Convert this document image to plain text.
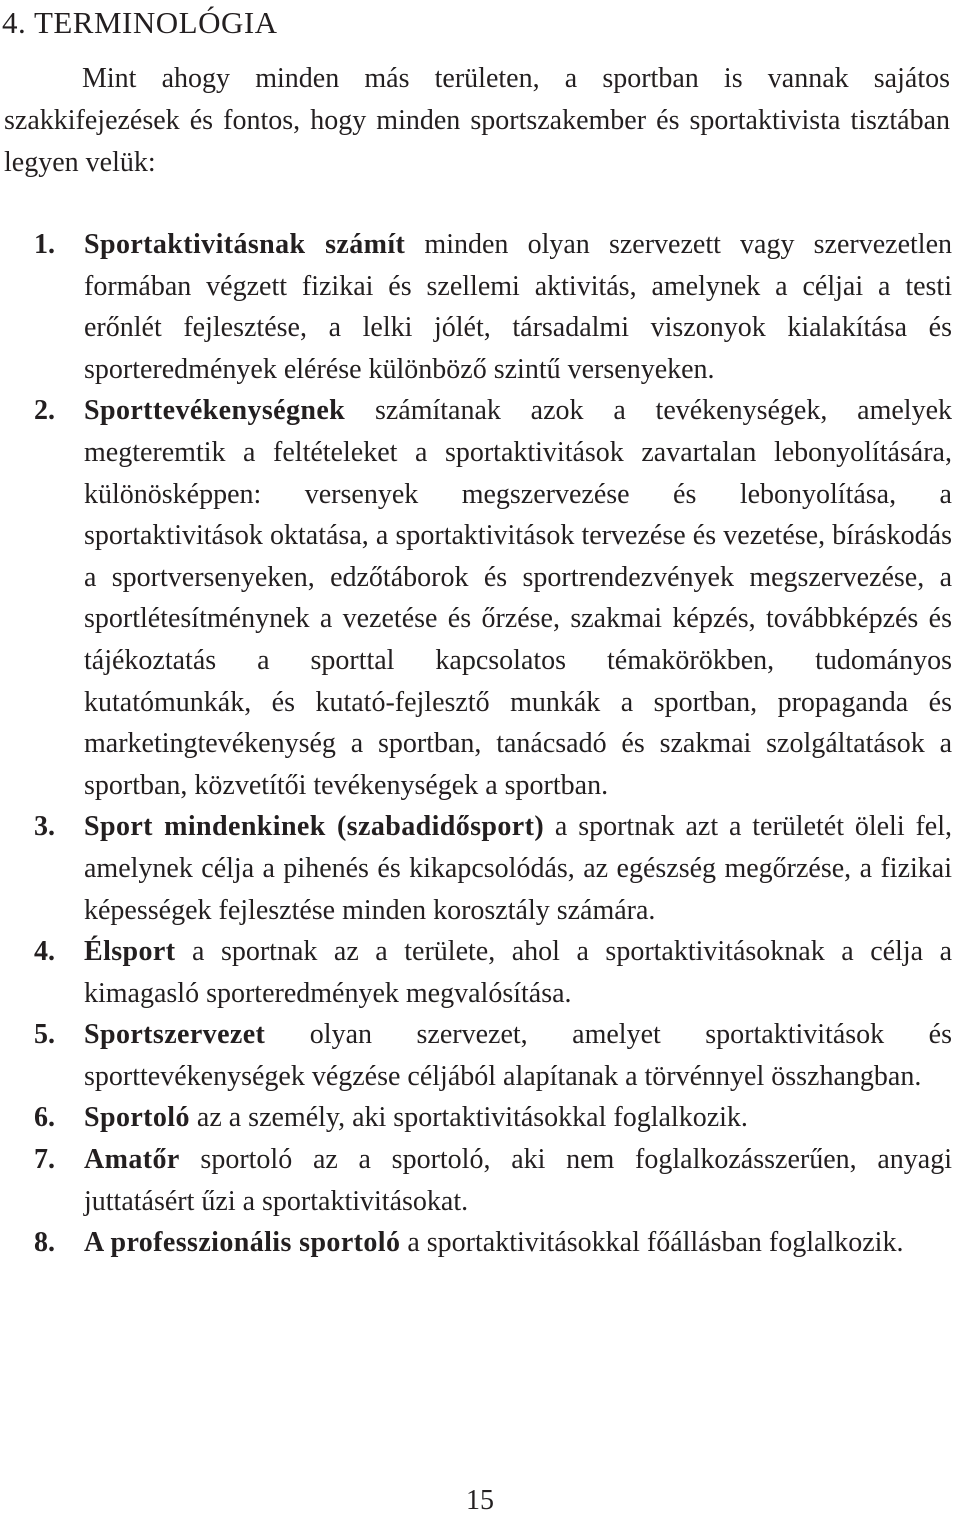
4. TERMINOLÓGIA

Mint ahogy minden más területen, a sportban is vannak sajátos szakkifejezések és fontos, hogy minden sportszakember és sportaktivista tisztában legyen velük:

1. Sportaktivitásnak számít minden olyan szervezett vagy szervezetlen formában végzett fizikai és szellemi aktivitás, amelynek a céljai a testi erőnlét fejlesztése, a lelki jólét, társadalmi viszonyok kialakítása és sporteredmények elérése különböző szintű versenyeken.
2. Sporttevékenységnek számítanak azok a tevékenységek, amelyek megteremtik a feltételeket a sportaktivitások zavartalan lebonyolítására, különösképpen: versenyek megszervezése és lebonyolítása, a sportaktivitások oktatása, a sportaktivitások tervezése és vezetése, bíráskodás a sportversenyeken, edzőtáborok és sportrendezvények megszervezése, a sportlétesítménynek a vezetése és őrzése, szakmai képzés, továbbképzés és tájékoztatás a sporttal kapcsolatos témakörökben, tudományos kutatómunkák, és kutató-fejlesztő munkák a sportban, propaganda és marketingtevékenység a sportban, tanácsadó és szakmai szolgáltatások a sportban, közvetítői tevékenységek a sportban.
3. Sport mindenkinek (szabadidősport) a sportnak azt a területét öleli fel, amelynek célja a pihenés és kikapcsolódás, az egészség megőrzése, a fizikai képességek fejlesztése minden korosztály számára.
4. Élsport a sportnak az a területe, ahol a sportaktivitásoknak a célja a kimagasló sporteredmények megvalósítása.
5. Sportszervezet olyan szervezet, amelyet sportaktivitások és sporttevékenységek végzése céljából alapítanak a törvénnyel összhangban.
6. Sportoló az a személy, aki sportaktivitásokkal foglalkozik.
7. Amatőr sportoló az a sportoló, aki nem foglalkozásszerűen, anyagi juttatásért űzi a sportaktivitásokat.
8. A professzionális sportoló a sportaktivitásokkal főállásban foglalkozik.
15
